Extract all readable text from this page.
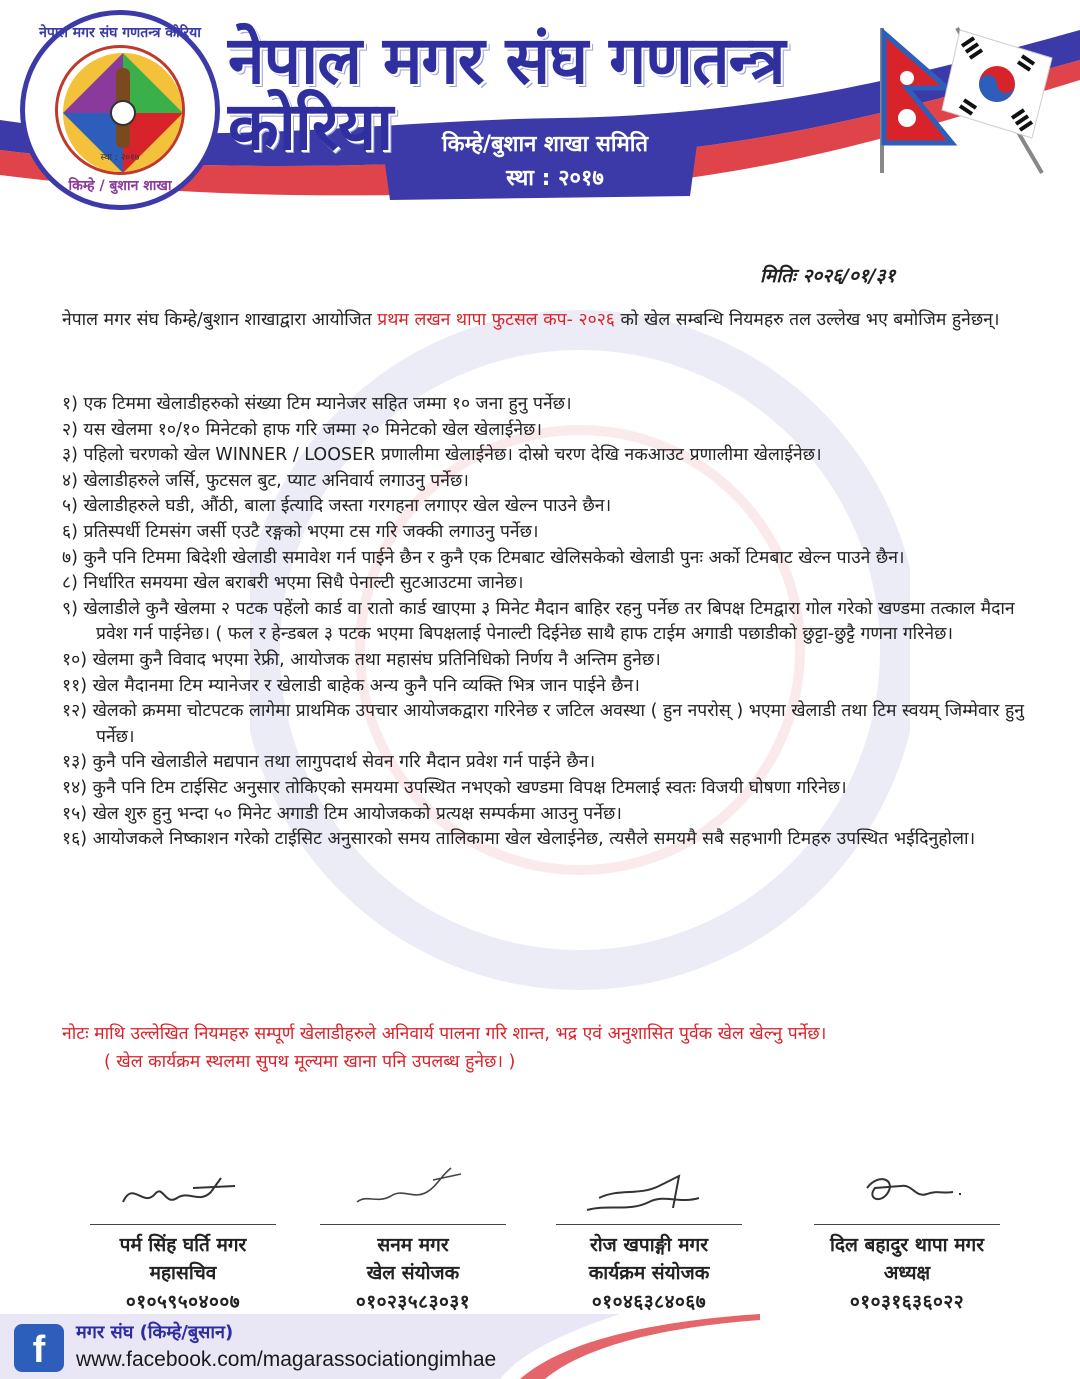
नेपाल मगर संघ गणतन्त्र कोरिया
स्था : २०१७
किम्हे / बुशान शाखा
नेपाल मगर संघ गणतन्त्र कोरिया	किम्हे/बुशान शाखा समिति
स्था : २०१७
मितिः २०२६/०१/३१

नेपाल मगर संघ किम्हे/बुशान शाखाद्वारा आयोजित प्रथम लखन थापा फुटसल कप- २०२६ को खेल सम्बन्धि नियमहरु तल उल्लेख भए बमोजिम हुनेछन्।

१) एक टिममा खेलाडीहरुको संख्या टिम म्यानेजर सहित जम्मा १० जना हुनु पर्नेछ।
२) यस खेलमा १०/१० मिनेटको हाफ गरि जम्मा २० मिनेटको खेल खेलाईनेछ।
३) पहिलो चरणको खेल WINNER / LOOSER प्रणालीमा खेलाईनेछ। दोस्रो चरण देखि नकआउट प्रणालीमा खेलाईनेछ।
४) खेलाडीहरुले जर्सि, फुटसल बुट, प्याट अनिवार्य लगाउनु पर्नेछ।
५) खेलाडीहरुले घडी, औंठी, बाला ईत्यादि जस्ता गरगहना लगाएर खेल खेल्न पाउने छैन।
६) प्रतिस्पर्धी टिमसंग जर्सी एउटै रङ्गको भएमा टस गरि जक्की लगाउनु पर्नेछ।
७) कुनै पनि टिममा बिदेशी खेलाडी समावेश गर्न पाईने छैन र कुनै एक टिमबाट खेलिसकेको खेलाडी पुनः अर्को टिमबाट खेल्न पाउने छैन।
८) निर्धारित समयमा खेल बराबरी भएमा सिधै पेनाल्टी सुटआउटमा जानेछ।
९) खेलाडीले कुनै खेलमा २ पटक पहेंलो कार्ड वा रातो कार्ड खाएमा ३ मिनेट मैदान बाहिर रहनु पर्नेछ तर बिपक्ष टिमद्वारा गोल गरेको खण्डमा तत्काल मैदान प्रवेश गर्न पाईनेछ। ( फल र हेन्डबल ३ पटक भएमा बिपक्षलाई पेनाल्टी दिईनेछ साथै हाफ टाईम अगाडी पछाडीको छुट्टा-छुट्टै गणना गरिनेछ।
१०) खेलमा कुनै विवाद भएमा रेफ्री, आयोजक तथा महासंघ प्रतिनिधिको निर्णय नै अन्तिम हुनेछ।
११) खेल मैदानमा टिम म्यानेजर र खेलाडी बाहेक अन्य कुनै पनि व्यक्ति भित्र जान पाईने छैन।
१२) खेलको क्रममा चोटपटक लागेमा प्राथमिक उपचार आयोजकद्वारा गरिनेछ र जटिल अवस्था ( हुन नपरोस् ) भएमा खेलाडी तथा टिम स्वयम् जिम्मेवार हुनु पर्नेछ।
१३) कुनै पनि खेलाडीले मद्यपान तथा लागुपदार्थ सेवन गरि मैदान प्रवेश गर्न पाईने छैन।
१४) कुनै पनि टिम टाईसिट अनुसार तोकिएको समयमा उपस्थित नभएको खण्डमा विपक्ष टिमलाई स्वतः विजयी घोषणा गरिनेछ।
१५) खेल शुरु हुनु भन्दा ५० मिनेट अगाडी टिम आयोजकको प्रत्यक्ष सम्पर्कमा आउनु पर्नेछ।
१६) आयोजकले निष्काशन गरेको टाईसिट अनुसारको समय तालिकामा खेल खेलाईनेछ, त्यसैले समयमै सबै सहभागी टिमहरु उपस्थित भईदिनुहोला।

नोटः माथि उल्लेखित नियमहरु सम्पूर्ण खेलाडीहरुले अनिवार्य पालना गरि शान्त, भद्र एवं अनुशासित पुर्वक खेल खेल्नु पर्नेछ।

( खेल कार्यक्रम स्थलमा सुपथ मूल्यमा खाना पनि उपलब्ध हुनेछ। )

पर्म सिंह घर्ति मगर
महासचिव
०१०५९५०४००७
सनम मगर
खेल संयोजक
०१०२३५८३०३१
रोज खपाङ्गी मगर
कार्यक्रम संयोजक
०१०४६३८४०६७
दिल बहादुर थापा मगर
अध्यक्ष
०१०३१६३६०२२
f	मगर संघ (किम्हे/बुसान)
www.facebook.com/magarassociationgimhae
